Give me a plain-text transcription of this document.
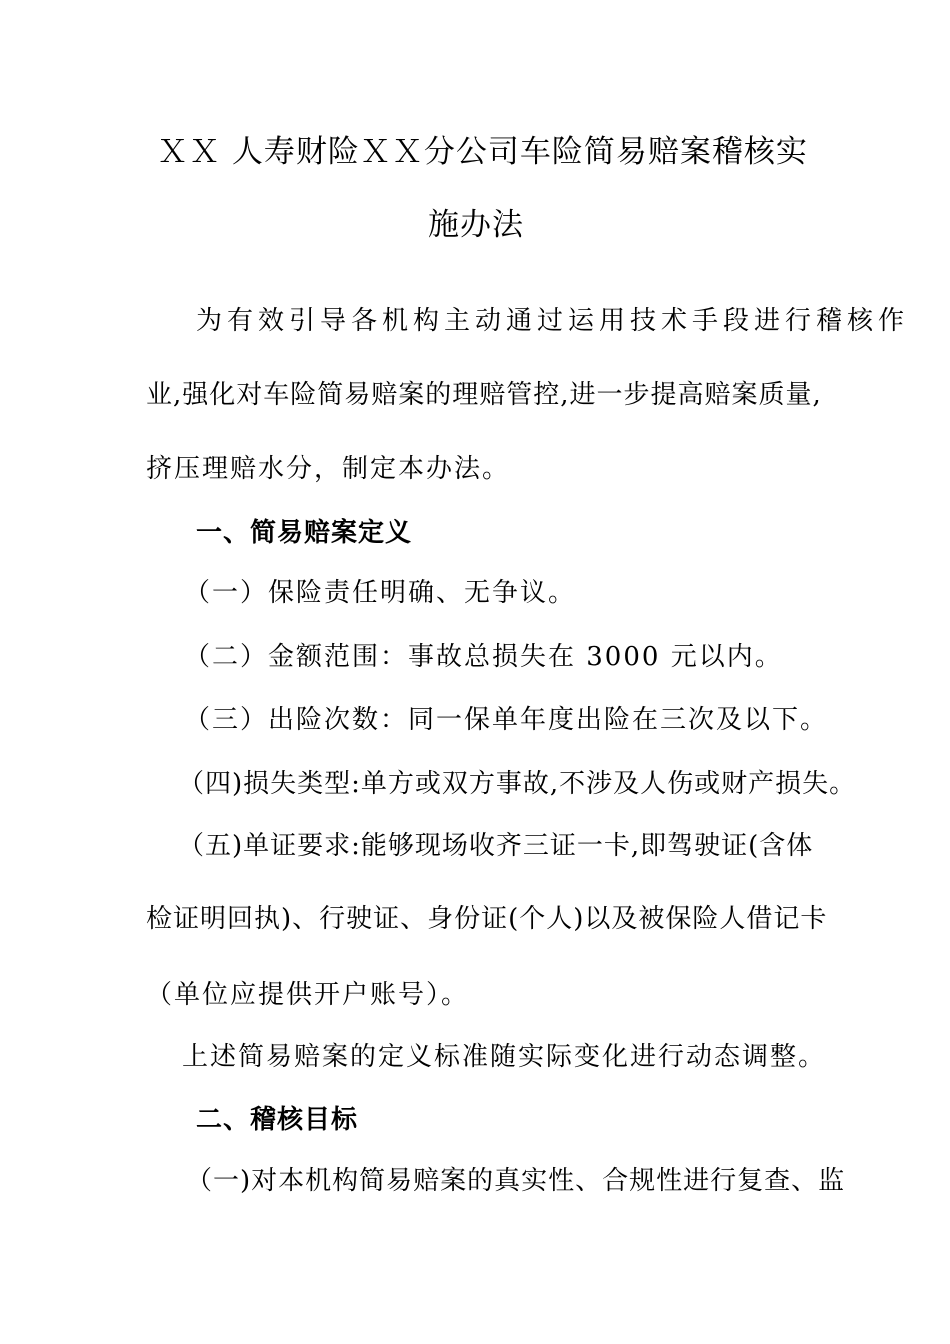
ＸＸ 人寿财险ＸＸ分公司车险简易赔案稽核实
施办法
为有效引导各机构主动通过运用技术手段进行稽核作
业,强化对车险简易赔案的理赔管控,进一步提高赔案质量,
挤压理赔水分，制定本办法。
一、简易赔案定义
（一）保险责任明确、无争议。
（二）金额范围：事故总损失在 3000 元以内。
（三）出险次数：同一保单年度出险在三次及以下。
（四)损失类型:单方或双方事故,不涉及人伤或财产损失。
（五)单证要求:能够现场收齐三证一卡,即驾驶证(含体
检证明回执)、行驶证、身份证(个人)以及被保险人借记卡
（单位应提供开户账号）。
上述简易赔案的定义标准随实际变化进行动态调整。
二、稽核目标
（一)对本机构简易赔案的真实性、合规性进行复查、监
